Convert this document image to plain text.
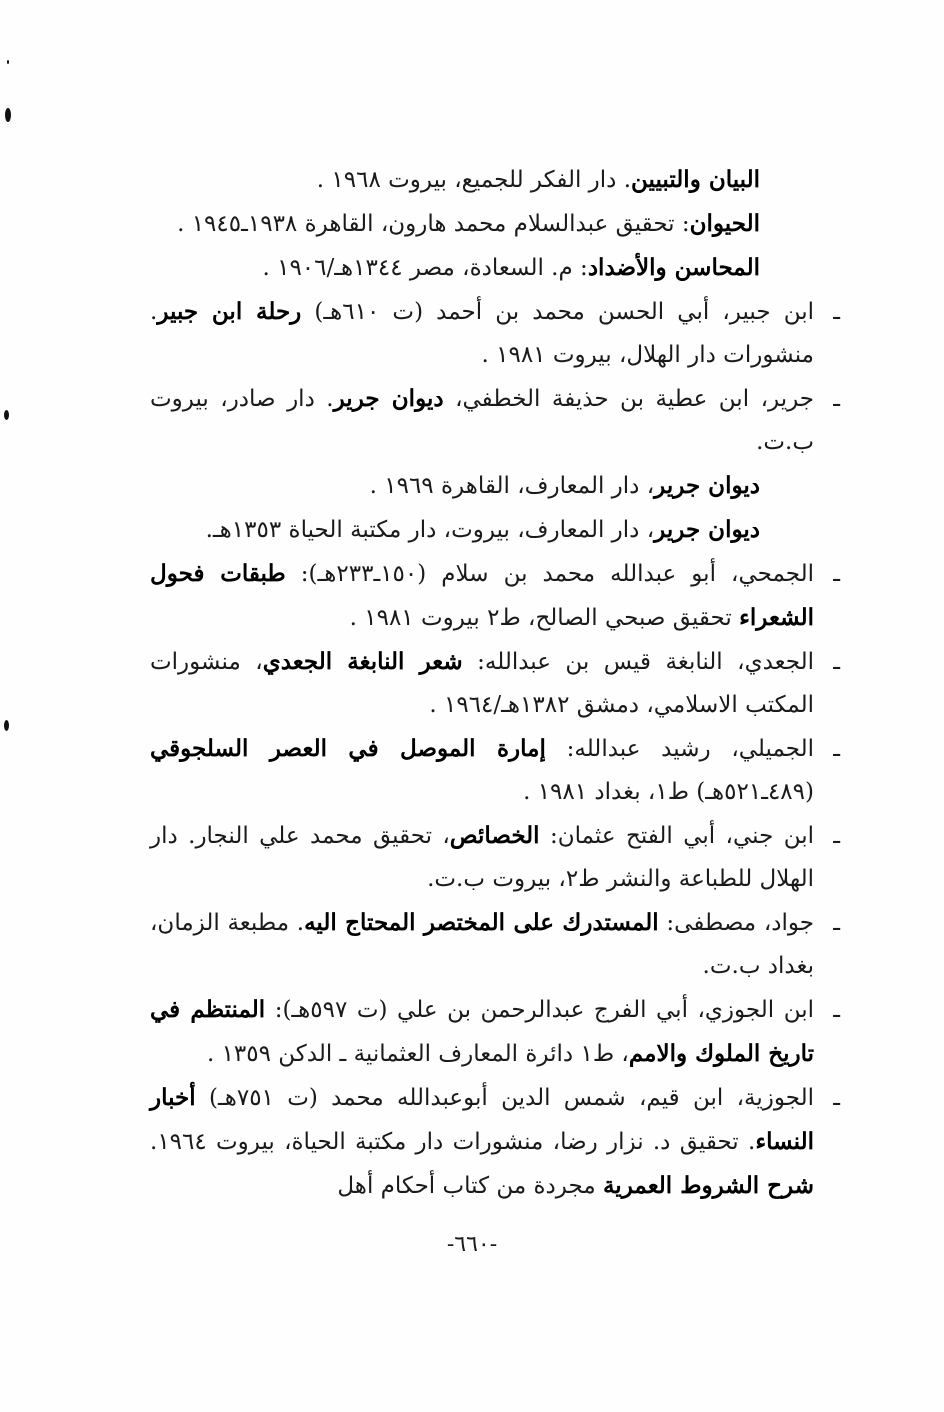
البيان والتبيين. دار الفكر للجميع، بيروت ١٩٦٨ .

الحيوان: تحقيق عبدالسلام محمد هارون، القاهرة ١٩٣٨ـ١٩٤٥ .

المحاسن والأضداد: م. السعادة، مصر ١٣٤٤هـ/١٩٠٦ .

ـابن جبير، أبي الحسن محمد بن أحمد (ت ٦١٠هـ) رحلة ابن جبير. منشورات دار الهلال، بيروت ١٩٨١ .

ـجرير، ابن عطية بن حذيفة الخطفي، ديوان جرير. دار صادر، بيروت ب.ت.

ديوان جرير، دار المعارف، القاهرة ١٩٦٩ .

ديوان جرير، دار المعارف، بيروت، دار مكتبة الحياة ١٣٥٣هـ.

ـالجمحي، أبو عبدالله محمد بن سلام (١٥٠ـ٢٣٣هـ): طبقات فحول الشعراء تحقيق صبحي الصالح، ط٢ بيروت ١٩٨١ .

ـالجعدي، النابغة قيس بن عبدالله: شعر النابغة الجعدي، منشورات المكتب الاسلامي، دمشق ١٣٨٢هـ/١٩٦٤ .

ـالجميلي، رشيد عبدالله: إمارة الموصل في العصر السلجوقي (٤٨٩ـ٥٢١هـ) ط١، بغداد ١٩٨١ .

ـابن جني، أبي الفتح عثمان: الخصائص، تحقيق محمد علي النجار. دار الهلال للطباعة والنشر ط٢، بيروت ب.ت.

ـجواد، مصطفى: المستدرك على المختصر المحتاج اليه. مطبعة الزمان، بغداد ب.ت.

ـابن الجوزي، أبي الفرج عبدالرحمن بن علي (ت ٥٩٧هـ): المنتظم في تاريخ الملوك والامم، ط١ دائرة المعارف العثمانية ـ الدكن ١٣٥٩ .

ـالجوزية، ابن قيم، شمس الدين أبوعبدالله محمد (ت ٧٥١هـ) أخبار النساء. تحقيق د. نزار رضا، منشورات دار مكتبة الحياة، بيروت ١٩٦٤. شرح الشروط العمرية مجردة من كتاب أحكام أهل

-٦٦٠-
